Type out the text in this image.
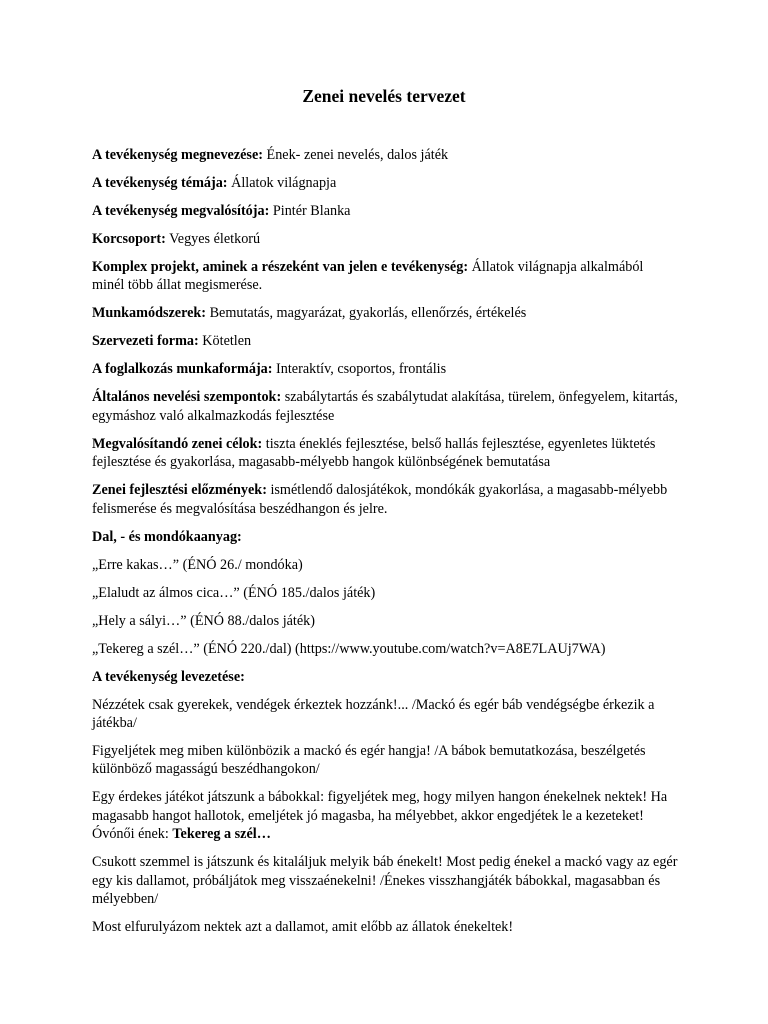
Zenei nevelés tervezet

A tevékenység megnevezése: Ének- zenei nevelés, dalos játék

A tevékenység témája: Állatok világnapja

A tevékenység megvalósítója: Pintér Blanka

Korcsoport: Vegyes életkorú

Komplex projekt, aminek a részeként van jelen e tevékenység: Állatok világnapja alkalmából minél több állat megismerése.

Munkamódszerek: Bemutatás, magyarázat, gyakorlás, ellenőrzés, értékelés

Szervezeti forma: Kötetlen

A foglalkozás munkaformája: Interaktív, csoportos, frontális

Általános nevelési szempontok: szabálytartás és szabálytudat alakítása, türelem, önfegyelem, kitartás, egymáshoz való alkalmazkodás fejlesztése

Megvalósítandó zenei célok: tiszta éneklés fejlesztése, belső hallás fejlesztése, egyenletes lüktetés fejlesztése és gyakorlása, magasabb-mélyebb hangok különbségének bemutatása

Zenei fejlesztési előzmények: ismétlendő dalosjátékok, mondókák gyakorlása, a magasabb-mélyebb felismerése és megvalósítása beszédhangon és jelre.

Dal, - és mondókaanyag:

„Erre kakas…” (ÉNÓ 26./ mondóka)

„Elaludt az álmos cica…” (ÉNÓ 185./dalos játék)

„Hely a sályi…” (ÉNÓ 88./dalos játék)

„Tekereg a szél…” (ÉNÓ 220./dal) (https://www.youtube.com/watch?v=A8E7LAUj7WA)

A tevékenység levezetése:

Nézzétek csak gyerekek, vendégek érkeztek hozzánk!... /Mackó és egér báb vendégségbe érkezik a játékba/

Figyeljétek meg miben különbözik a mackó és egér hangja! /A bábok bemutatkozása, beszélgetés különböző magasságú beszédhangokon/

Egy érdekes játékot játszunk a bábokkal: figyeljétek meg, hogy milyen hangon énekelnek nektek! Ha magasabb hangot hallotok, emeljétek jó magasba, ha mélyebbet, akkor engedjétek le a kezeteket! Óvónői ének: Tekereg a szél…

Csukott szemmel is játszunk és kitaláljuk melyik báb énekelt! Most pedig énekel a mackó vagy az egér egy kis dallamot, próbáljátok meg visszaénekelni! /Énekes visszhangjáték bábokkal, magasabban és mélyebben/

Most elfurulyázom nektek azt a dallamot, amit előbb az állatok énekeltek!
